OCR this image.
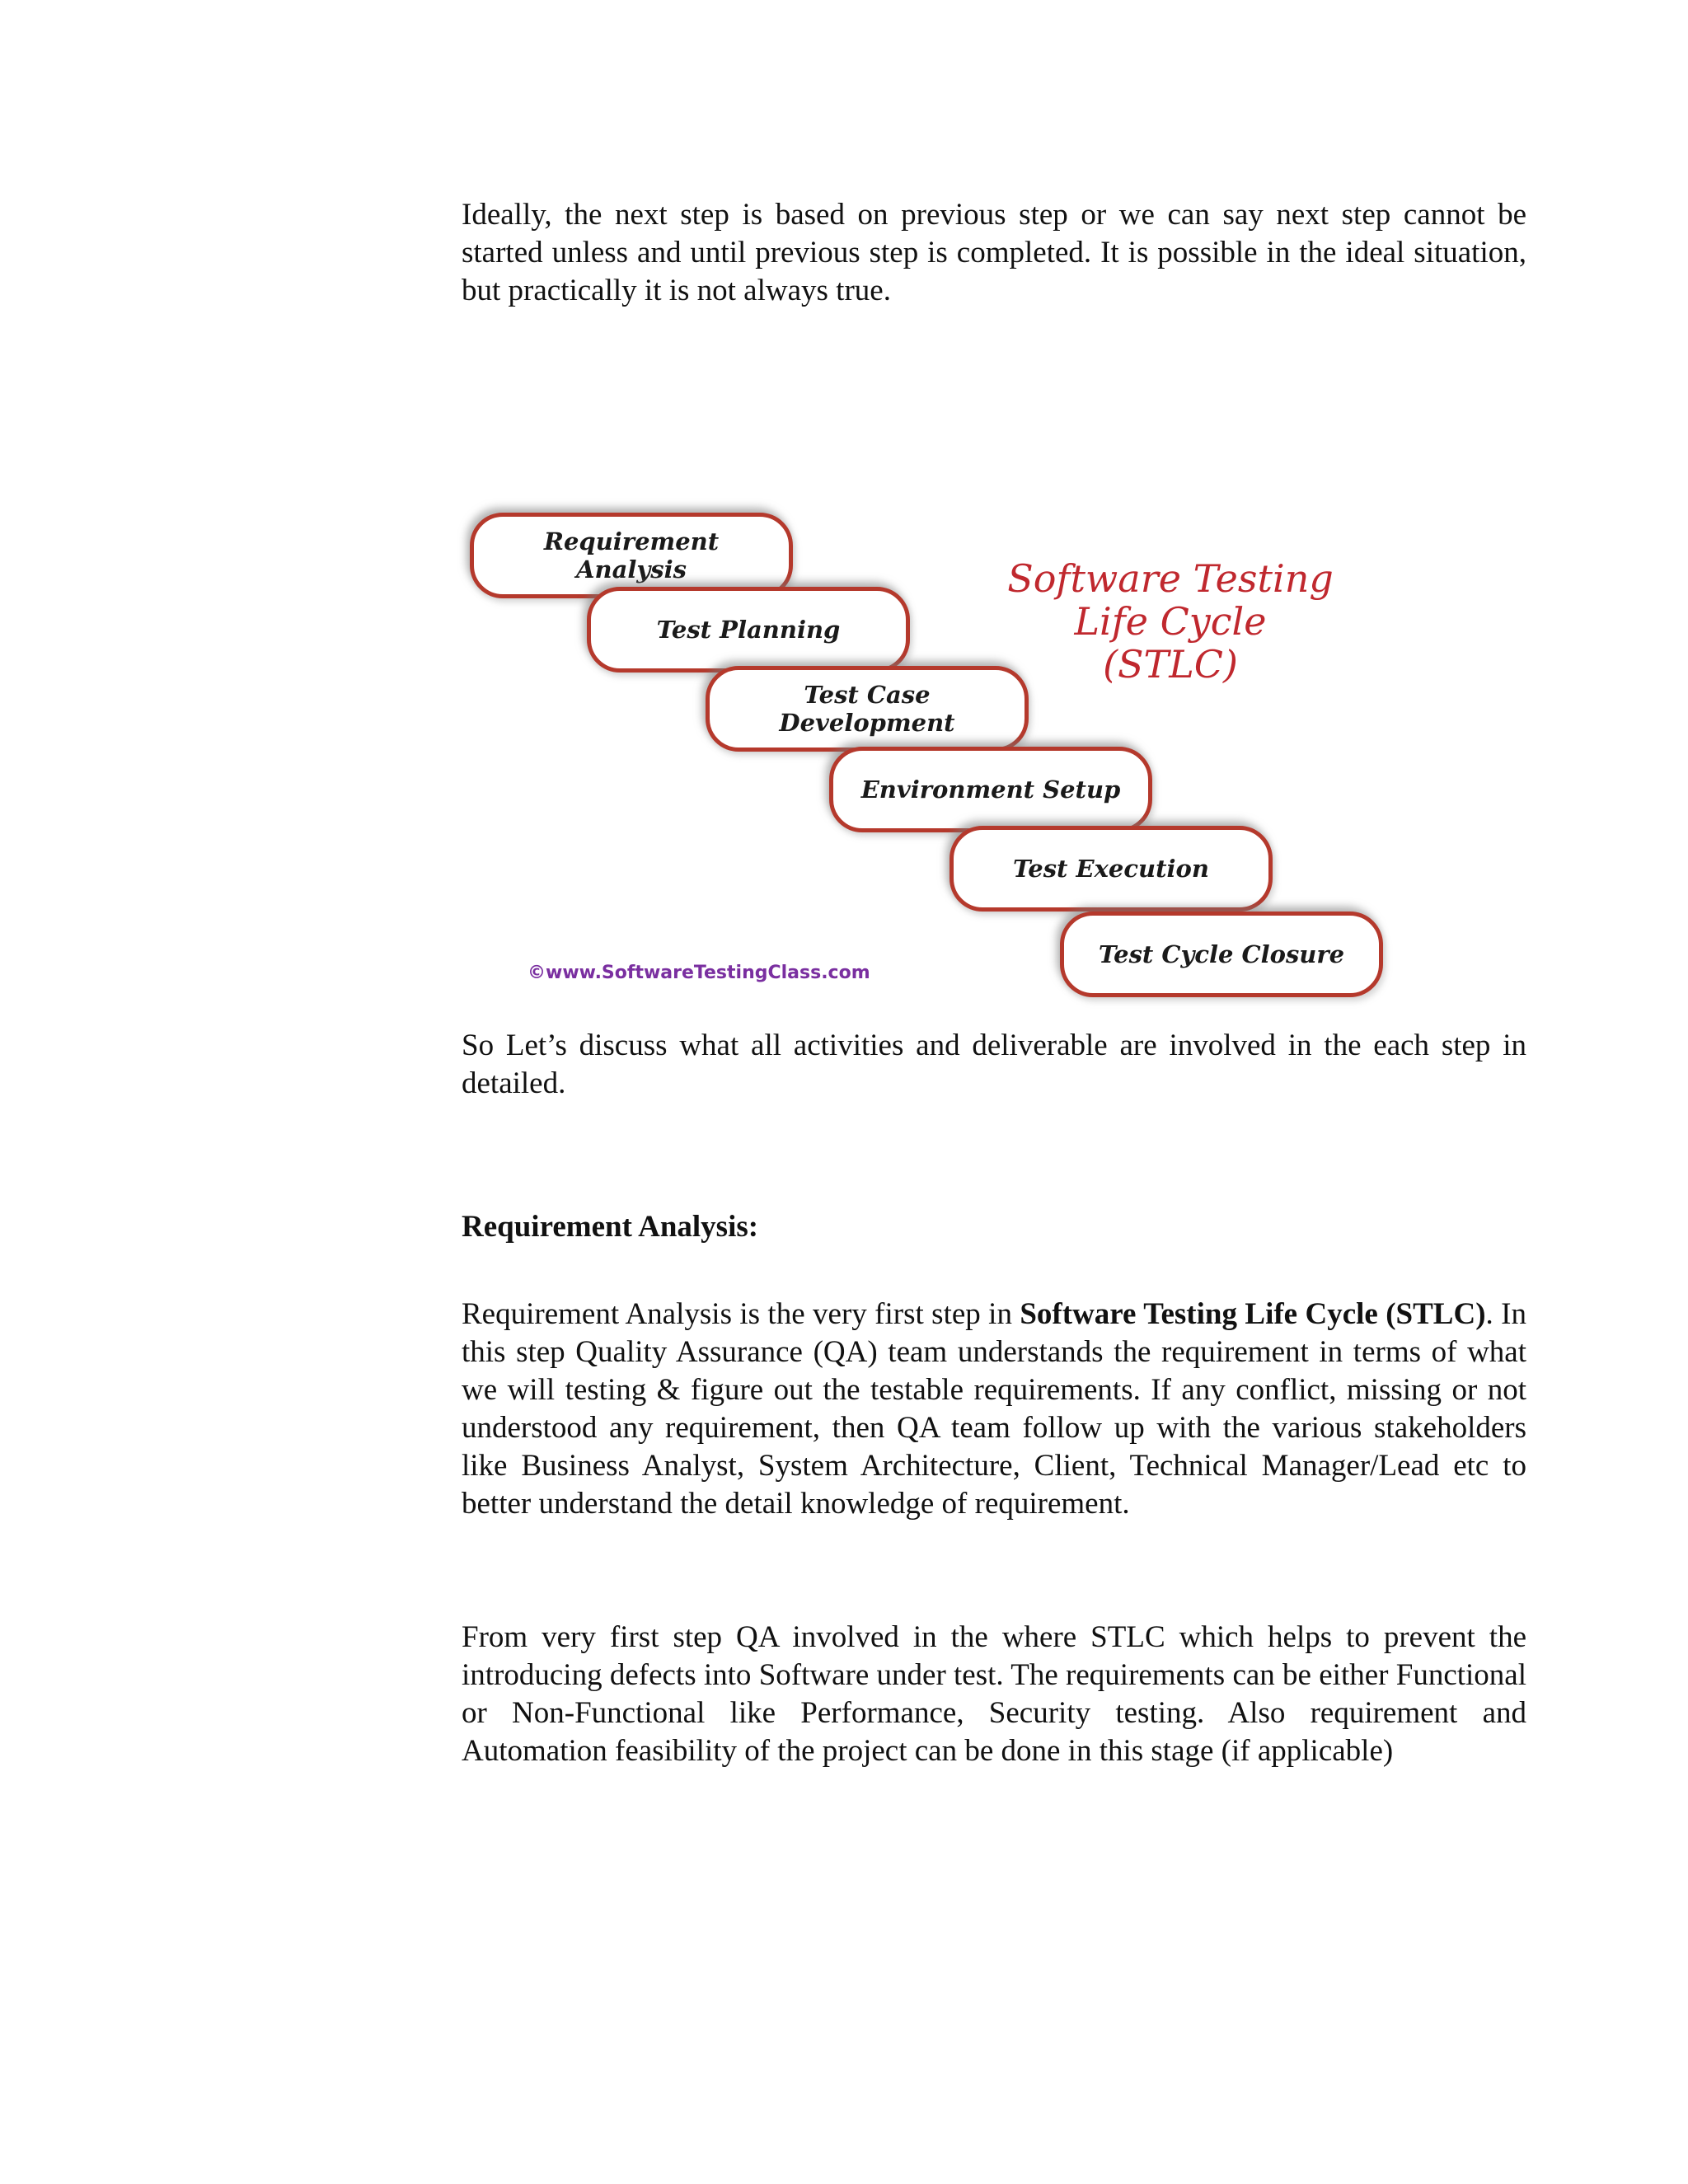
Ideally, the next step is based on previous step or we can say next step cannot be started unless and until previous step is completed. It is possible in the ideal situation, but practically it is not always true.

Requirement
Analysis
Test Planning
Test Case
Development
Environment Setup
Test Execution
Test Cycle Closure
Software Testing
Life Cycle
(STLC)
©www.SoftwareTestingClass.com

So Let’s discuss what all activities and deliverable are involved in the each step in detailed.

Requirement Analysis:

Requirement Analysis is the very first step in Software Testing Life Cycle (STLC). In this step Quality Assurance (QA) team understands the requirement in terms of what we will testing & figure out the testable requirements. If any conflict, missing or not understood any requirement, then QA team follow up with the various stakeholders like Business Analyst, System Architecture, Client, Technical Manager/Lead etc to better understand the detail knowledge of requirement.

From very first step QA involved in the where STLC which helps to prevent the introducing defects into Software under test. The requirements can be either Functional or Non-Functional like Performance, Security testing. Also requirement and Automation feasibility of the project can be done in this stage (if applicable)
